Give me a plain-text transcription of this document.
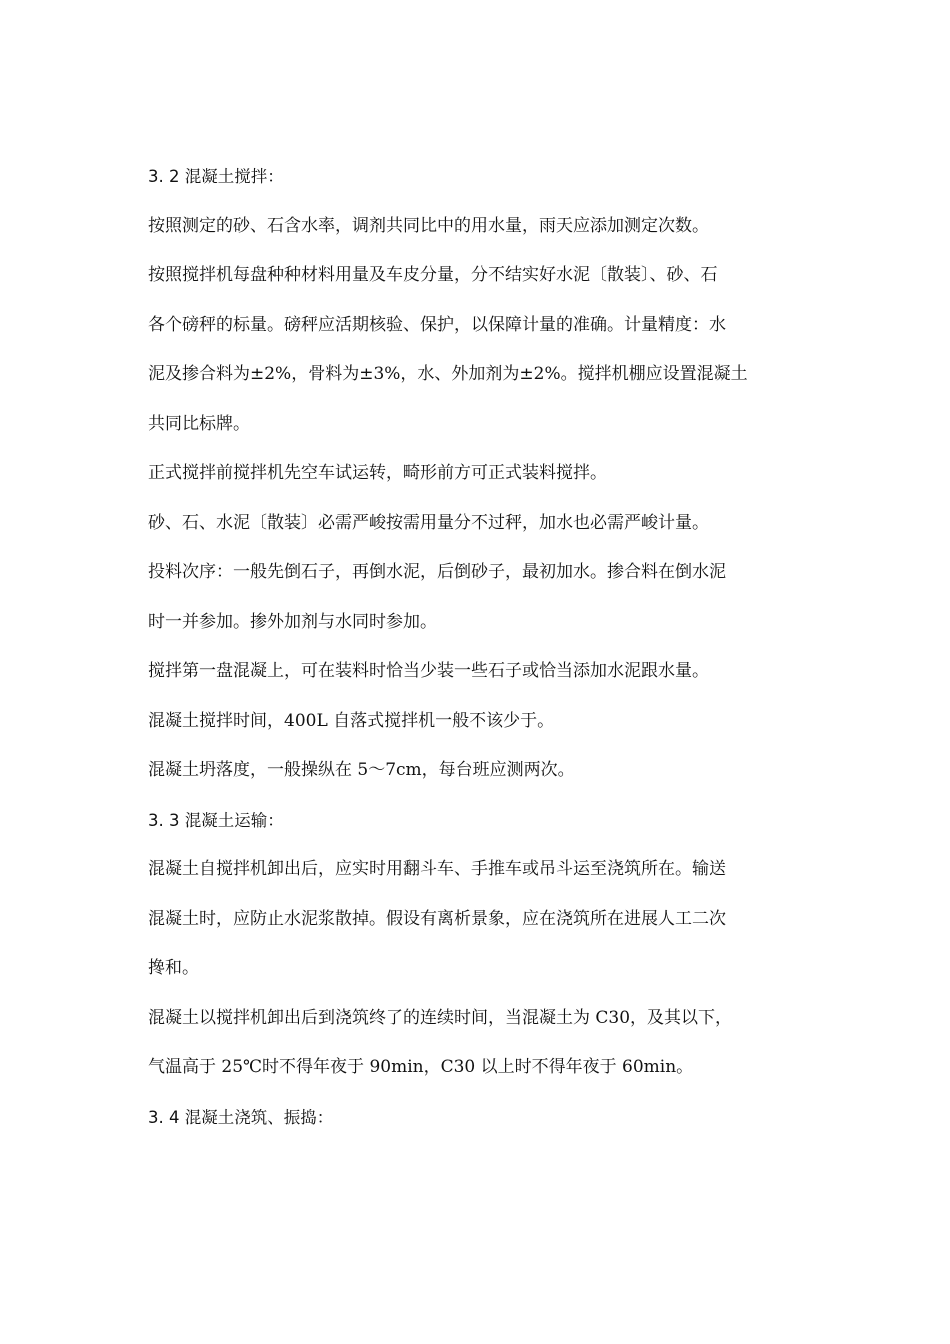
3. 2 混凝土搅拌：

按照测定的砂、石含水率，调剂共同比中的用水量，雨天应添加测定次数。

按照搅拌机每盘种种材料用量及车皮分量，分不结实好水泥〔散装〕、砂、石

各个磅秤的标量。磅秤应活期核验、保护，以保障计量的准确。计量精度：水

泥及掺合料为±2%，骨料为±3%，水、外加剂为±2%。搅拌机棚应设置混凝土

共同比标牌。

正式搅拌前搅拌机先空车试运转，畸形前方可正式装料搅拌。

砂、石、水泥〔散装〕必需严峻按需用量分不过秤，加水也必需严峻计量。

投料次序：一般先倒石子，再倒水泥，后倒砂子，最初加水。掺合料在倒水泥

时一并参加。掺外加剂与水同时参加。

搅拌第一盘混凝上，可在装料时恰当少装一些石子或恰当添加水泥跟水量。

混凝土搅拌时间，400L 自落式搅拌机一般不该少于。

混凝土坍落度，一般操纵在 5～7cm，每台班应测两次。

3. 3 混凝土运输：

混凝土自搅拌机卸出后，应实时用翻斗车、手推车或吊斗运至浇筑所在。输送

混凝土时，应防止水泥浆散掉。假设有离析景象，应在浇筑所在进展人工二次

搀和。

混凝土以搅拌机卸出后到浇筑终了的连续时间，当混凝土为 C30，及其以下，

气温高于 25℃时不得年夜于 90min，C30 以上时不得年夜于 60min。

3. 4 混凝土浇筑、振捣：
